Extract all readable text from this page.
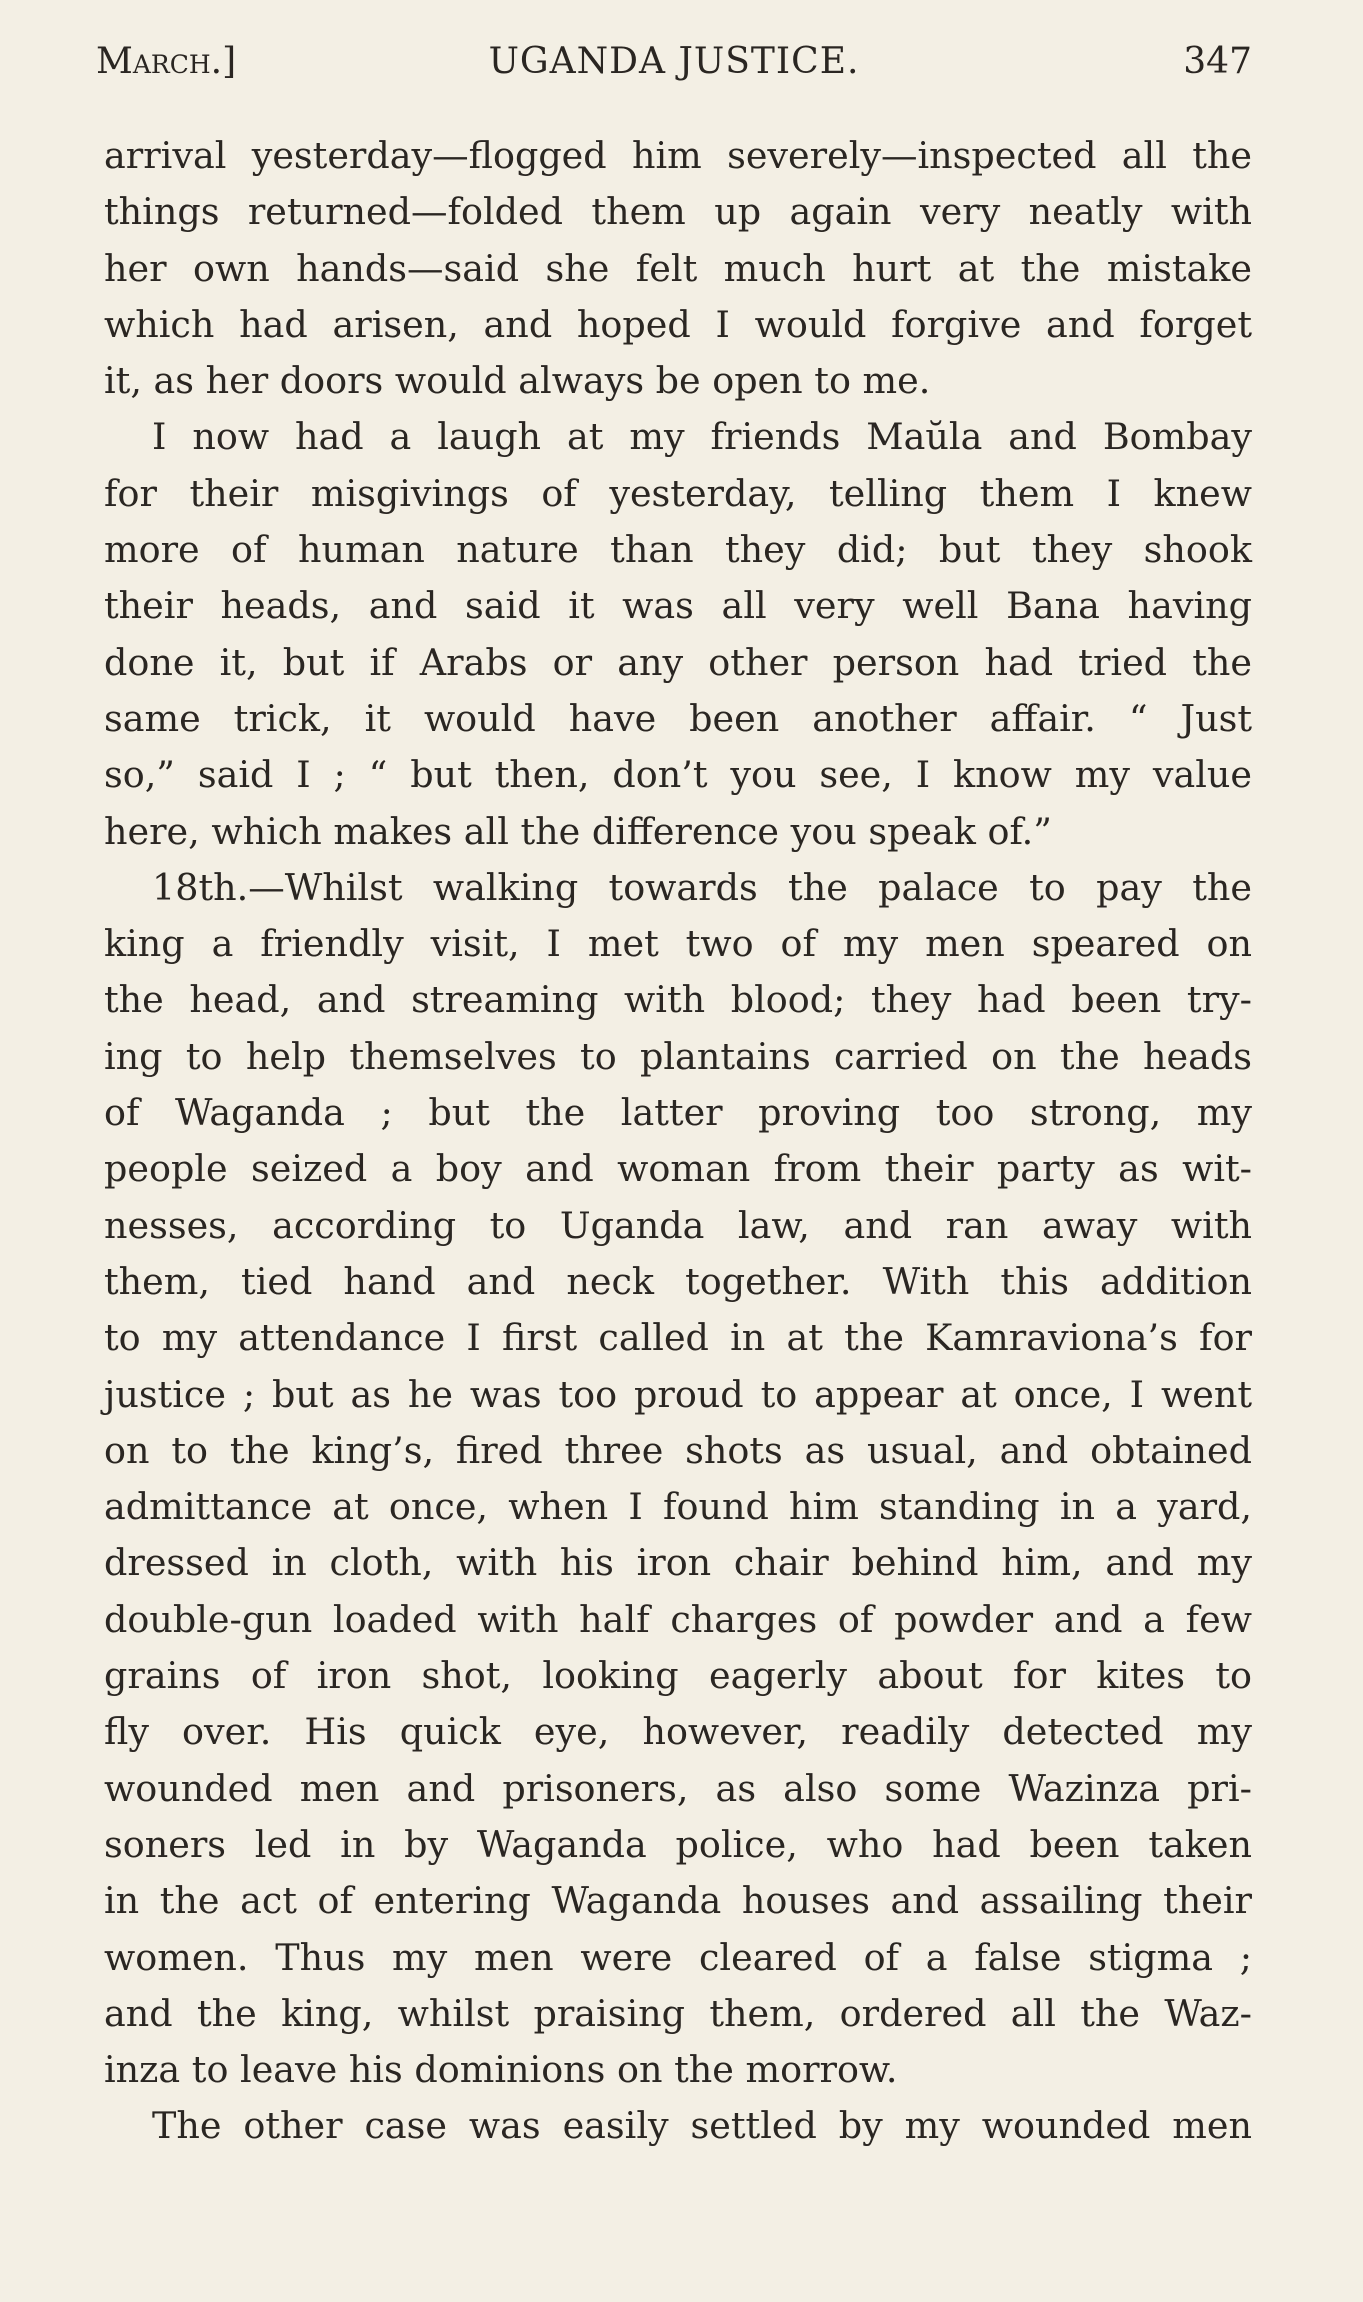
March.]	UGANDA JUSTICE.	347
arrival yesterday—flogged him severely—inspected all the
things returned—folded them up again very neatly with
her own hands—said she felt much hurt at the mistake
which had arisen, and hoped I would forgive and forget
it, as her doors would always be open to me.
I now had a laugh at my friends Maŭla and Bombay
for their misgivings of yesterday, telling them I knew
more of human nature than they did; but they shook
their heads, and said it was all very well Bana having
done it, but if Arabs or any other person had tried the
same trick, it would have been another affair. “ Just
so,” said I ; “ but then, don’t you see, I know my value
here, which makes all the difference you speak of.”
18th.—Whilst walking towards the palace to pay the
king a friendly visit, I met two of my men speared on
the head, and streaming with blood; they had been try-
ing to help themselves to plantains carried on the heads
of Waganda ; but the latter proving too strong, my
people seized a boy and woman from their party as wit-
nesses, according to Uganda law, and ran away with
them, tied hand and neck together. With this addition
to my attendance I first called in at the Kamraviona’s for
justice ; but as he was too proud to appear at once, I went
on to the king’s, fired three shots as usual, and obtained
admittance at once, when I found him standing in a yard,
dressed in cloth, with his iron chair behind him, and my
double-gun loaded with half charges of powder and a few
grains of iron shot, looking eagerly about for kites to
fly over. His quick eye, however, readily detected my
wounded men and prisoners, as also some Wazinza pri-
soners led in by Waganda police, who had been taken
in the act of entering Waganda houses and assailing their
women. Thus my men were cleared of a false stigma ;
and the king, whilst praising them, ordered all the Waz-
inza to leave his dominions on the morrow.
The other case was easily settled by my wounded men
